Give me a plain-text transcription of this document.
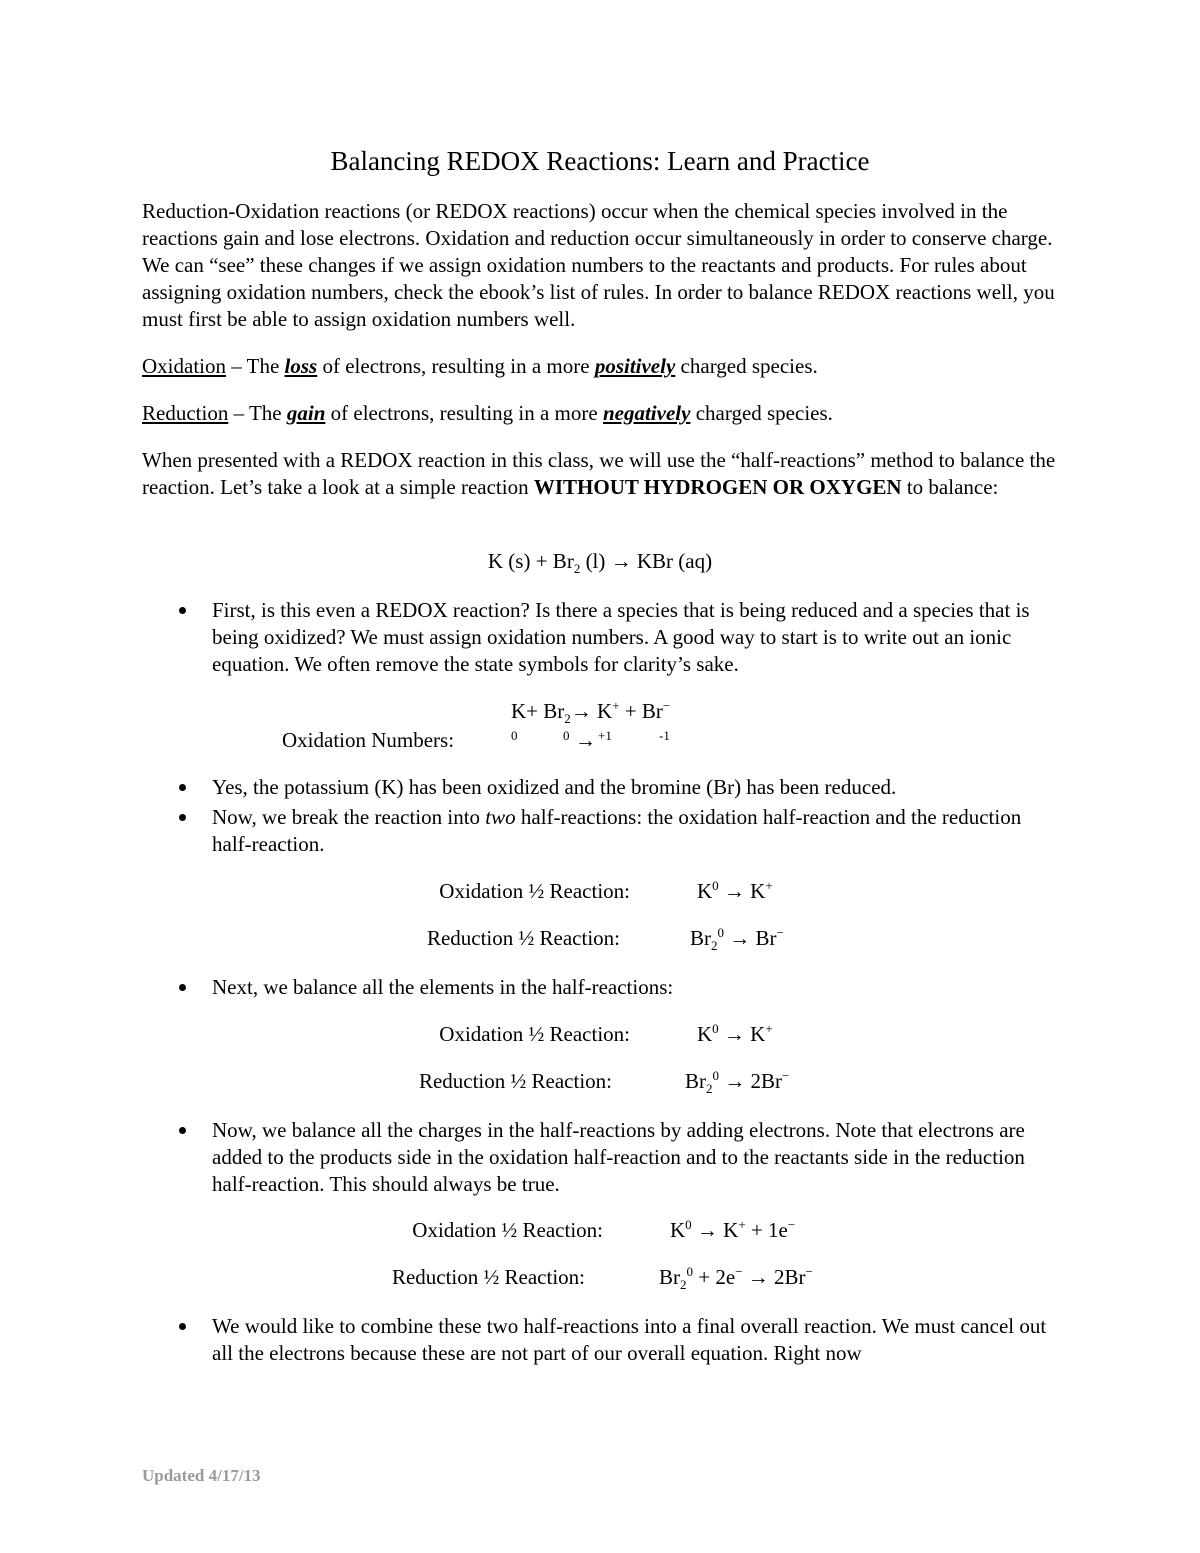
Balancing REDOX Reactions: Learn and Practice

Reduction-Oxidation reactions (or REDOX reactions) occur when the chemical species involved in the reactions gain and lose electrons. Oxidation and reduction occur simultaneously in order to conserve charge. We can “see” these changes if we assign oxidation numbers to the reactants and products. For rules about assigning oxidation numbers, check the ebook’s list of rules. In order to balance REDOX reactions well, you must first be able to assign oxidation numbers well.

Oxidation – The loss of electrons, resulting in a more positively charged species.

Reduction – The gain of electrons, resulting in a more negatively charged species.

When presented with a REDOX reaction in this class, we will use the “half-reactions” method to balance the reaction. Let’s take a look at a simple reaction WITHOUT HYDROGEN OR OXYGEN to balance:

K $(s) + Br_2$ (l) → KBr (aq)
First, is this even a REDOX reaction? Is there a species that is being reduced and a species that is being oxidized? We must assign oxidation numbers. A good way to start is to write out an ionic equation. We often remove the state symbols for clarity’s sake.
$K+ Br_2\to K^+ + Br^-$
Oxidation Numbers:	0	0 → +1	-1
Yes, the potassium (K) has been oxidized and the bromine (Br) has been reduced.
Now, we break the reaction into two half-reactions: the oxidation half-reaction and the reduction half-reaction.
Oxidation ½ Reaction:	$K^0 \to K^+$
Reduction ½ Reaction:	$Br_2^0 \to Br^-$
Next, we balance all the elements in the half-reactions:
Oxidation ½ Reaction:	$K^0 \to K^+$
Reduction ½ Reaction:	$Br_2^0 \to 2Br^-$
Now, we balance all the charges in the half-reactions by adding electrons. Note that electrons are added to the products side in the oxidation half-reaction and to the reactants side in the reduction half-reaction. This should always be true.
Oxidation ½ Reaction:	$K^0 \to K^+ + 1e^-$
Reduction ½ Reaction:	$Br_2^0 + 2e^- \to 2Br^-$
We would like to combine these two half-reactions into a final overall reaction. We must cancel out all the electrons because these are not part of our overall equation. Right now
Updated 4/17/13
